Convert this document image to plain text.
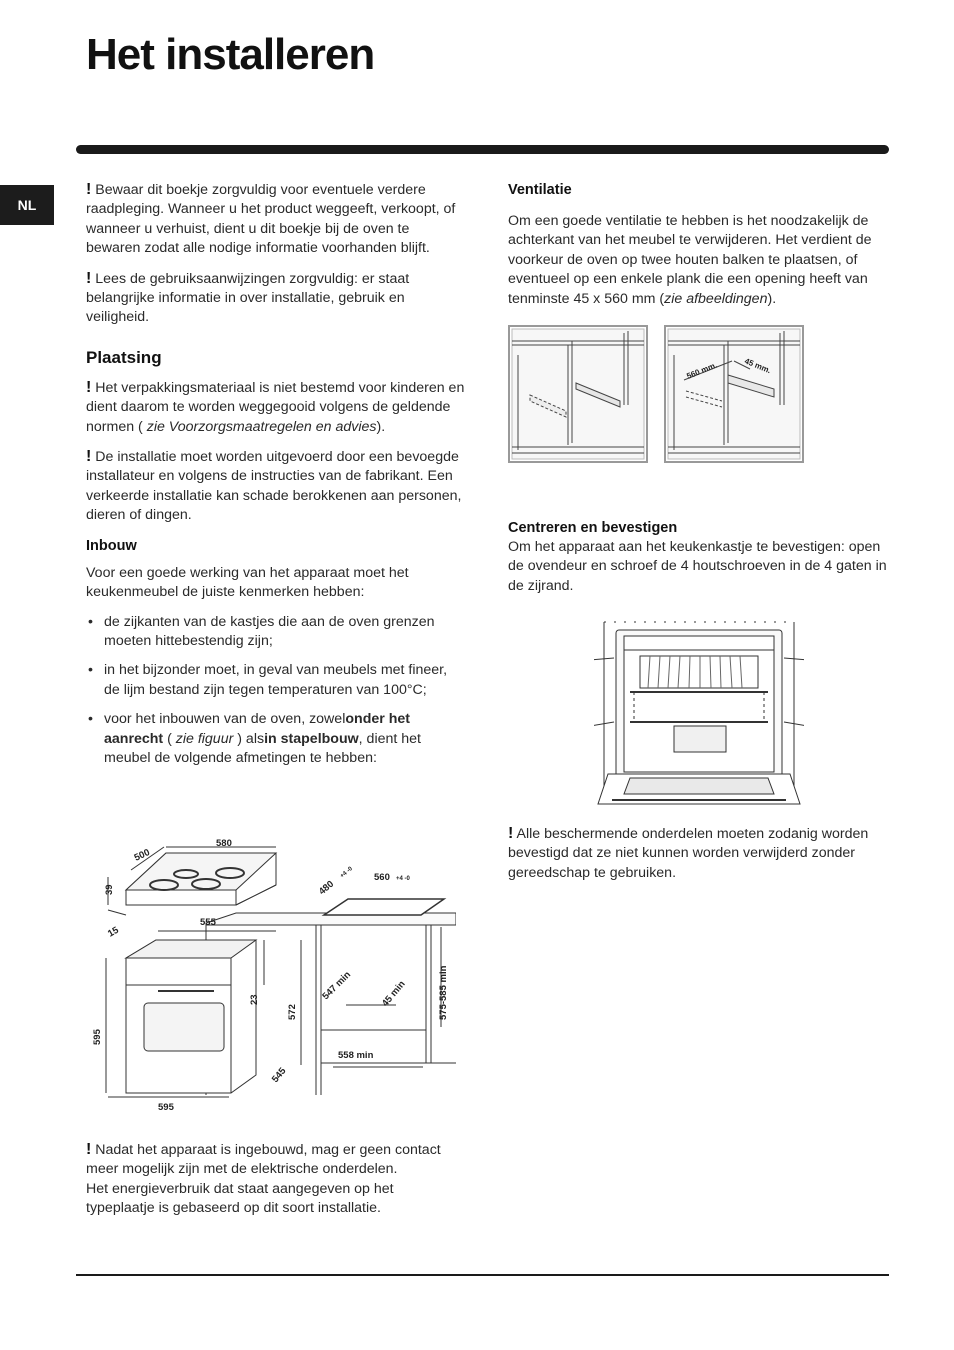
Het installeren
NL

! Bewaar dit boekje zorgvuldig voor eventuele verdere raadpleging. Wanneer u het product weggeeft, verkoopt, of wanneer u verhuist, dient u dit boekje bij de oven te bewaren zodat alle nodige informatie voorhanden blijft.

! Lees de gebruiksaanwijzingen zorgvuldig: er staat belangrijke informatie in over installatie, gebruik en veiligheid.

Plaatsing

! Het verpakkingsmateriaal is niet bestemd voor kinderen en dient daarom te worden weggegooid volgens de geldende normen ( zie Voorzorgsmaatregelen en advies).

! De installatie moet worden uitgevoerd door een bevoegde installateur en volgens de instructies van de fabrikant. Een verkeerde installatie kan schade berokkenen aan personen, dieren of dingen.

Inbouw

Voor een goede werking van het apparaat moet het keukenmeubel de juiste kenmerken hebben:

• de zijkanten van de kastjes die aan de oven grenzen moeten hittebestendig zijn;
• in het bijzonder moet, in geval van meubels met fineer, de lijm bestand zijn tegen temperaturen van 100°C;
• voor het inbouwen van de oven, zowelonder het aanrecht ( zie figuur ) alsin stapelbouw, dient het meubel de volgende afmetingen te hebben:
580
500
39
15
555
480
+4 -0 560 +4 -0
595
595
23
572
545
547 min	45 min	575-585 min
558 min

! Nadat het apparaat is ingebouwd, mag er geen contact meer mogelijk zijn met de elektrische onderdelen.

Het energieverbruik dat staat aangegeven op het typeplaatje is gebaseerd op dit soort installatie.

Ventilatie

Om een goede ventilatie te hebben is het noodzakelijk de achterkant van het meubel te verwijderen. Het verdient de voorkeur de oven op twee houten balken te plaatsen, of eventueel op een enkele plank die een opening heeft van tenminste 45 x 560 mm (zie afbeeldingen).

560 mm.	45 mm.
Centreren en bevestigen

Om het apparaat aan het keukenkastje te bevestigen: open de ovendeur en schroef de 4 houtschroeven in de 4 gaten in de zijrand.

! Alle beschermende onderdelen moeten zodanig worden bevestigd dat ze niet kunnen worden verwijderd zonder gereedschap te gebruiken.
